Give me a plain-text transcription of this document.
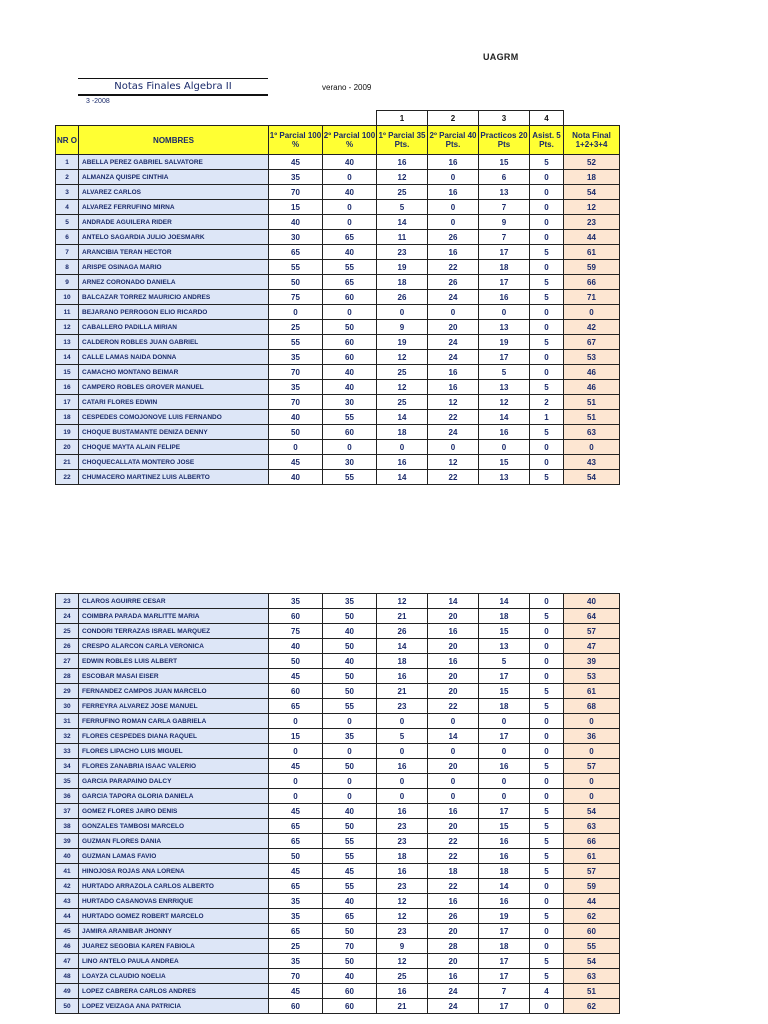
UAGRM
Notas Finales Algebra II
3 -2008
verano - 2009
				1	2	3	4	
NR O	NOMBRES	1º Parcial 100 %	2º Parcial 100 %	1º Parcial 35 Pts.	2º Parcial 40 Pts.	Practicos 20 Pts	Asist. 5 Pts.	Nota Final 1+2+3+4
1	ABELLA PEREZ GABRIEL SALVATORE	45	40	16	16	15	5	52
2	ALMANZA QUISPE CINTHIA	35	0	12	0	6	0	18
3	ALVAREZ CARLOS	70	40	25	16	13	0	54
4	ALVAREZ FERRUFINO MIRNA	15	0	5	0	7	0	12
5	ANDRADE AGUILERA RIDER	40	0	14	0	9	0	23
6	ANTELO SAGARDIA JULIO JOESMARK	30	65	11	26	7	0	44
7	ARANCIBIA TERAN HECTOR	65	40	23	16	17	5	61
8	ARISPE OSINAGA MARIO	55	55	19	22	18	0	59
9	ARNEZ CORONADO DANIELA	50	65	18	26	17	5	66
10	BALCAZAR TORREZ MAURICIO ANDRES	75	60	26	24	16	5	71
11	BEJARANO PERROGON ELIO RICARDO	0	0	0	0	0	0	0
12	CABALLERO PADILLA MIRIAN	25	50	9	20	13	0	42
13	CALDERON ROBLES JUAN GABRIEL	55	60	19	24	19	5	67
14	CALLE LAMAS NAIDA DONNA	35	60	12	24	17	0	53
15	CAMACHO MONTANO BEIMAR	70	40	25	16	5	0	46
16	CAMPERO ROBLES GROVER MANUEL	35	40	12	16	13	5	46
17	CATARI FLORES EDWIN	70	30	25	12	12	2	51
18	CESPEDES COMOJONOVE LUIS FERNANDO	40	55	14	22	14	1	51
19	CHOQUE BUSTAMANTE DENIZA DENNY	50	60	18	24	16	5	63
20	CHOQUE MAYTA ALAIN FELIPE	0	0	0	0	0	0	0
21	CHOQUECALLATA MONTERO JOSE	45	30	16	12	15	0	43
22	CHUMACERO MARTINEZ LUIS ALBERTO	40	55	14	22	13	5	54
23	CLAROS AGUIRRE CESAR	35	35	12	14	14	0	40
24	COIMBRA PARADA MARLITTE MARIA	60	50	21	20	18	5	64
25	CONDORI TERRAZAS ISRAEL MARQUEZ	75	40	26	16	15	0	57
26	CRESPO ALARCON CARLA VERONICA	40	50	14	20	13	0	47
27	EDWIN ROBLES LUIS ALBERT	50	40	18	16	5	0	39
28	ESCOBAR MASAI EISER	45	50	16	20	17	0	53
29	FERNANDEZ CAMPOS JUAN MARCELO	60	50	21	20	15	5	61
30	FERREYRA ALVAREZ JOSE MANUEL	65	55	23	22	18	5	68
31	FERRUFINO ROMAN CARLA GABRIELA	0	0	0	0	0	0	0
32	FLORES CESPEDES DIANA RAQUEL	15	35	5	14	17	0	36
33	FLORES LIPACHO LUIS MIGUEL	0	0	0	0	0	0	0
34	FLORES ZANABRIA ISAAC VALERIO	45	50	16	20	16	5	57
35	GARCIA PARAPAINO DALCY	0	0	0	0	0	0	0
36	GARCIA TAPORA GLORIA DANIELA	0	0	0	0	0	0	0
37	GOMEZ FLORES JAIRO DENIS	45	40	16	16	17	5	54
38	GONZALES TAMBOSI MARCELO	65	50	23	20	15	5	63
39	GUZMAN FLORES DANIA	65	55	23	22	16	5	66
40	GUZMAN LAMAS FAVIO	50	55	18	22	16	5	61
41	HINOJOSA ROJAS ANA LORENA	45	45	16	18	18	5	57
42	HURTADO ARRAZOLA CARLOS ALBERTO	65	55	23	22	14	0	59
43	HURTADO CASANOVAS ENRRIQUE	35	40	12	16	16	0	44
44	HURTADO GOMEZ ROBERT MARCELO	35	65	12	26	19	5	62
45	JAMIRA ARANIBAR JHONNY	65	50	23	20	17	0	60
46	JUAREZ SEGOBIA KAREN FABIOLA	25	70	9	28	18	0	55
47	LINO ANTELO PAULA ANDREA	35	50	12	20	17	5	54
48	LOAYZA CLAUDIO NOELIA	70	40	25	16	17	5	63
49	LOPEZ CABRERA CARLOS ANDRES	45	60	16	24	7	4	51
50	LOPEZ VEIZAGA ANA PATRICIA	60	60	21	24	17	0	62
